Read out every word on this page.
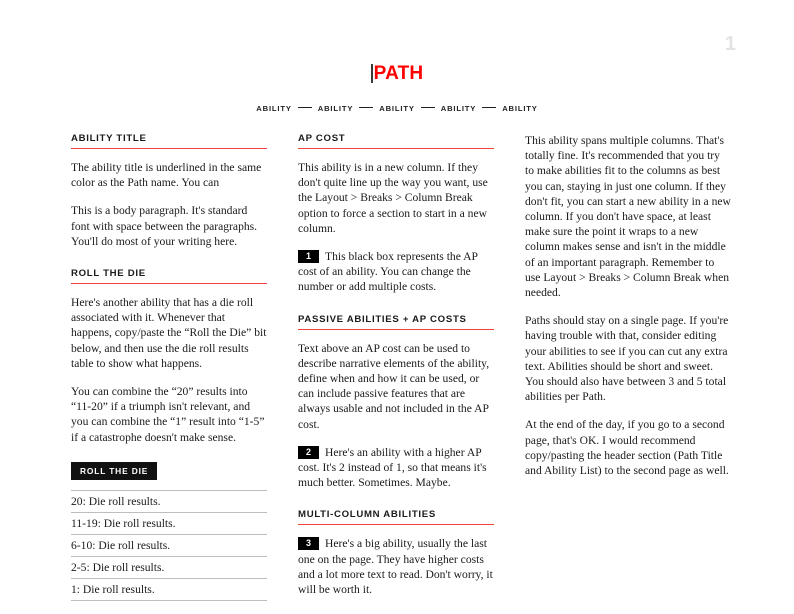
1
PATH
ABILITY	ABILITY	ABILITY	ABILITY	ABILITY
ABILITY TITLE

The ability title is underlined in the same color as the Path name. You can

This is a body paragraph. It's standard font with space between the paragraphs. You'll do most of your writing here.

ROLL THE DIE

Here's another ability that has a die roll associated with it. Whenever that happens, copy/paste the “Roll the Die” bit below, and then use the die roll results table to show what happens.

You can combine the “20” results into “11-20” if a triumph isn't relevant, and you can combine the “1” result into “1-5” if a catastrophe doesn't make sense.

ROLL THE DIE
20: Die roll results.
11-19: Die roll results.
6-10: Die roll results.
2-5: Die roll results.
1: Die roll results.
AP COST

This ability is in a new column. If they don't quite line up the way you want, use the Layout > Breaks > Column Break option to force a section to start in a new column.

1 This black box represents the AP cost of an ability. You can change the number or add multiple costs.

PASSIVE ABILITIES + AP COSTS

Text above an AP cost can be used to describe narrative elements of the ability, define when and how it can be used, or can include passive features that are always usable and not included in the AP cost.

2 Here's an ability with a higher AP cost. It's 2 instead of 1, so that means it's much better. Sometimes. Maybe.

MULTI-COLUMN ABILITIES

3 Here's a big ability, usually the last one on the page. They have higher costs and a lot more text to read. Don't worry, it will be worth it.

This ability spans multiple columns. That's totally fine. It's recommended that you try to make abilities fit to the columns as best you can, staying in just one column. If they don't fit, you can start a new ability in a new column. If you don't have space, at least make sure the point it wraps to a new column makes sense and isn't in the middle of an important paragraph. Remember to use Layout > Breaks > Column Break when needed.

Paths should stay on a single page. If you're having trouble with that, consider editing your abilities to see if you can cut any extra text. Abilities should be short and sweet. You should also have between 3 and 5 total abilities per Path.

At the end of the day, if you go to a second page, that's OK. I would recommend copy/pasting the header section (Path Title and Ability List) to the second page as well.
